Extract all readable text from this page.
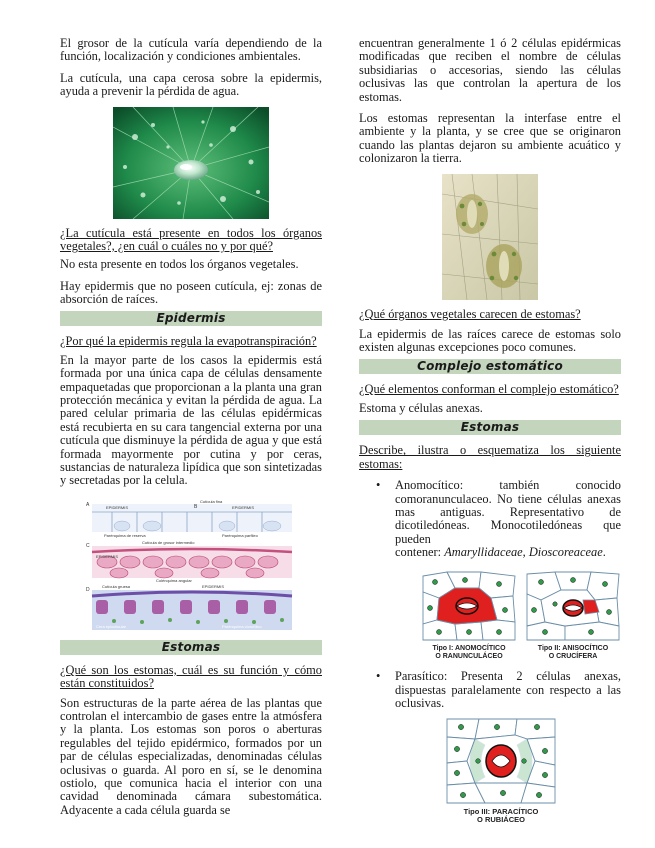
El grosor de la cutícula varía dependiendo de la función, localización y condiciones ambientales.

La cutícula, una capa cerosa sobre la epidermis, ayuda a prevenir la pérdida de agua.

¿La cutícula está presente en todos los órganos vegetales?, ¿en cuál o cuáles no y por qué?

No esta presente en todos los órganos vegetales.

Hay epidermis que no poseen cutícula, ej: zonas de absorción de raíces.

Epidermis

¿Por qué la epidermis regula la evapotranspiración?

En la mayor parte de los casos la epidermis está formada por una única capa de células densamente empaquetadas que proporcionan a la planta una gran protección mecánica y evitan la pérdida de agua. La pared celular primaria de las células epidérmicas está recubierta en su cara tangencial externa por una cutícula que disminuye la pérdida de agua y que está formada mayormente por cutina y por ceras, sustancias de naturaleza lipídica que son sintetizadas y secretadas por la celula.

A	EPIDERMIS
Cutícula fina
B	EPIDERMIS
Parénquima de reserva	Parénquima parfileo
C
Cutícula de grosor intermedio
EPIDERMIS
Colénquima angular
D
Cutícula gruesa	EPIDERMIS
Parénquima clorofílico
Cera epicuticular
Estomas

¿Qué son los estomas, cuál es su función y cómo están constituidos?

Son estructuras de la parte aérea de las plantas que controlan el intercambio de gases entre la atmósfera y la planta. Los estomas son poros o aberturas regulables del tejido epidérmico, formados por un par de células especializadas, denominadas células oclusivas o guarda. Al poro en sí, se le denomina ostiolo, que comunica hacia el interior con una cavidad denominada cámara subestomática. Adyacente a cada célula guarda se

encuentran generalmente 1 ó 2 células epidérmicas modificadas que reciben el nombre de células subsidiarias o accesorias, siendo las células oclusivas las que controlan la apertura de los estomas.

Los estomas representan la interfase entre el ambiente y la planta, y se cree que se originaron cuando las plantas dejaron su ambiente acuático y colonizaron la tierra.

¿Qué órganos vegetales carecen de estomas?

La epidermis de las raíces carece de estomas solo existen algunas excepciones poco comunes.

Complejo estomático

¿Qué elementos conforman el complejo estomático?

Estoma y células anexas.

Estomas

Describe, ilustra o esquematiza los siguiente estomas:

• Anomocítico: también conocido comoranunculaceo. No tiene células anexas mas antiguas. Representativo de dicotiledóneas. Monocotiledóneas que pueden
contener: Amaryllidaceae, Dioscoreaceae.

Tipo I: ANOMOCÍTICO
O RANUNCULÁCEO
Tipo II: ANISOCÍTICO
O CRUCÍFERA
• Parasítico: Presenta 2 células anexas, dispuestas paralelamente con respecto a las oclusivas.

Tipo III: PARACÍTICO
O RUBIÁCEO
